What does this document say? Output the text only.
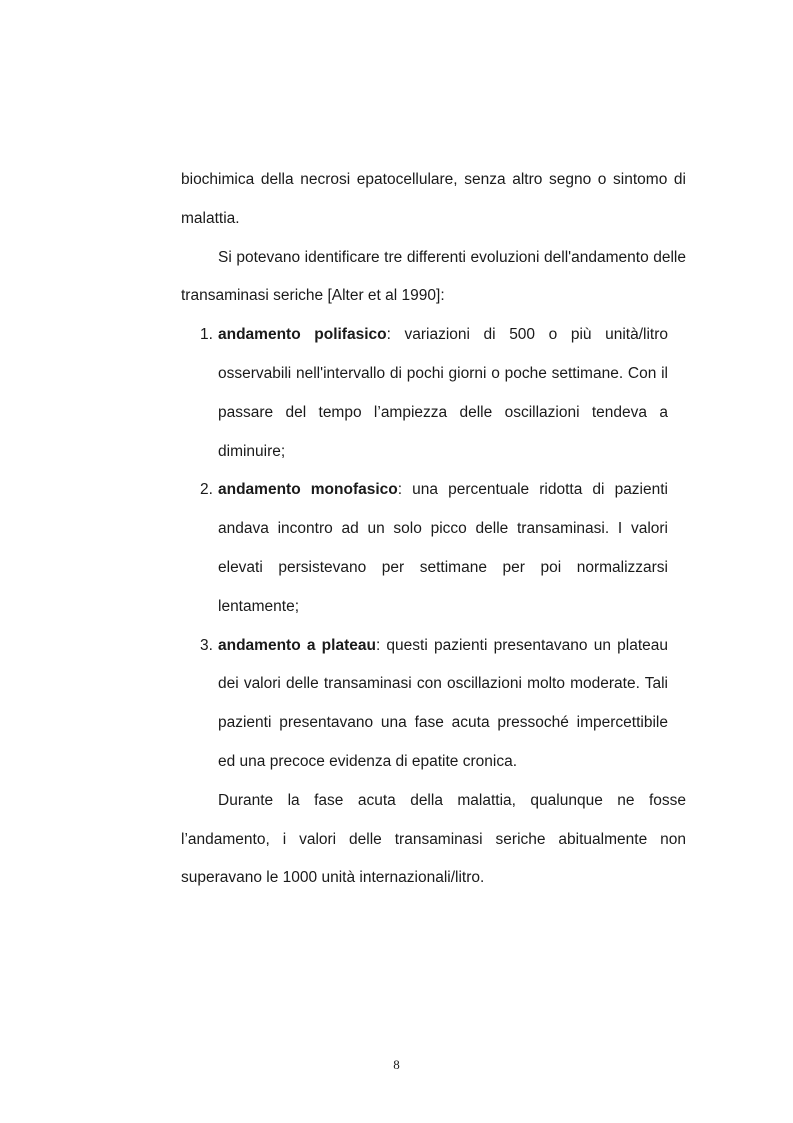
biochimica della necrosi epatocellulare, senza altro segno o sintomo di malattia.

Si potevano identificare tre differenti evoluzioni dell'andamento delle transaminasi seriche [Alter et al 1990]:

1. andamento polifasico: variazioni di 500 o più unità/litro osservabili nell'intervallo di pochi giorni o poche settimane. Con il passare del tempo l’ampiezza delle oscillazioni tendeva a diminuire;
2. andamento monofasico: una percentuale ridotta di pazienti andava incontro ad un solo picco delle transaminasi. I valori elevati persistevano per settimane per poi normalizzarsi lentamente;
3. andamento a plateau: questi pazienti presentavano un plateau dei valori delle transaminasi con oscillazioni molto moderate. Tali pazienti presentavano una fase acuta pressoché impercettibile ed una precoce evidenza di epatite cronica.

Durante la fase acuta della malattia, qualunque ne fosse l’andamento, i valori delle transaminasi seriche abitualmente non superavano le 1000 unità internazionali/litro.

8
